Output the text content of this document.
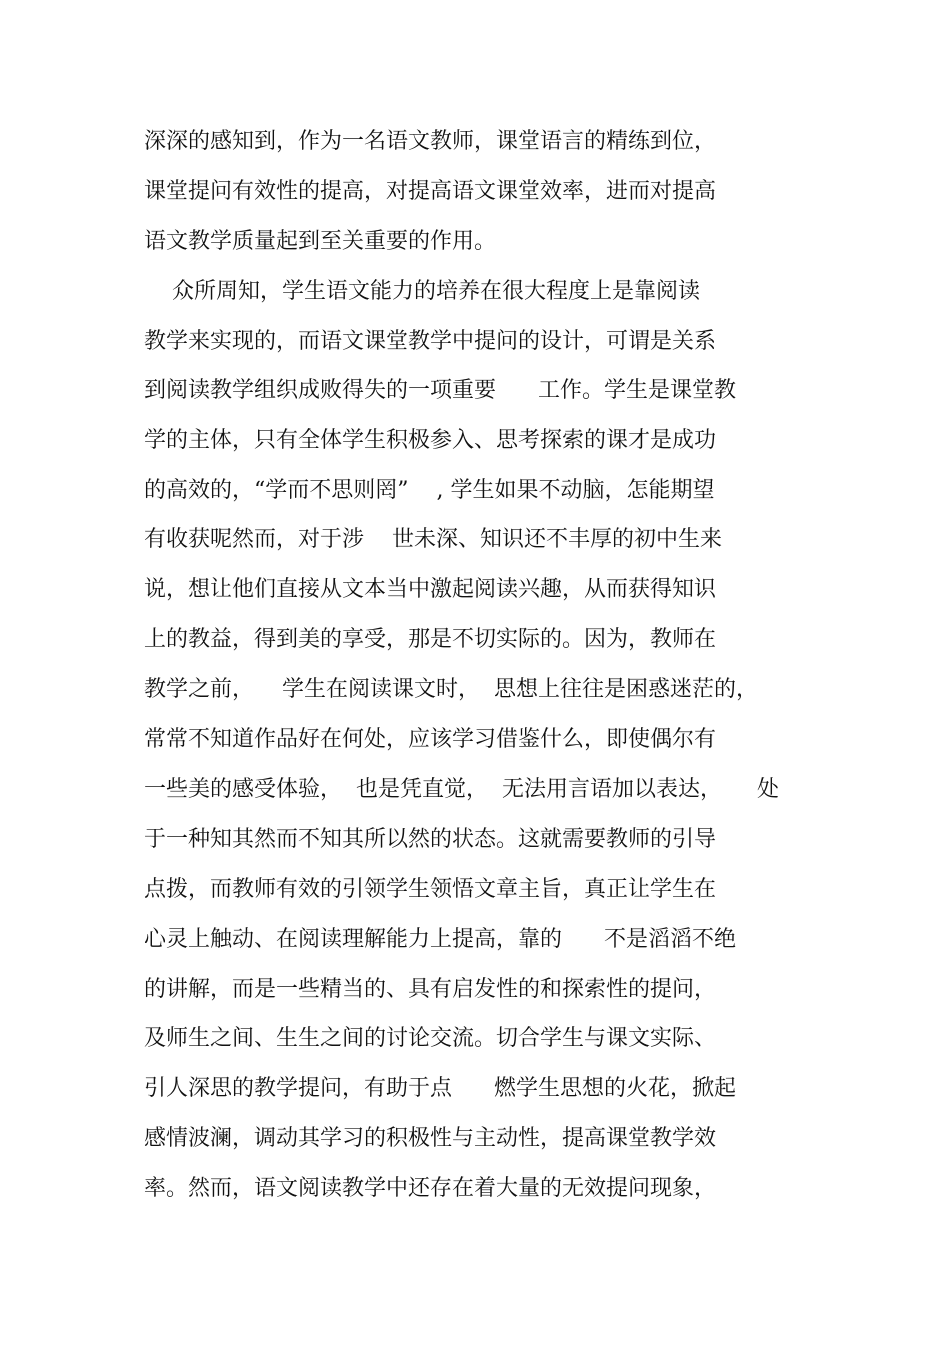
深深的感知到，作为一名语文教师，课堂语言的精练到位，
课堂提问有效性的提高，对提高语文课堂效率，进而对提高
语文教学质量起到至关重要的作用。
众所周知，学生语文能力的培养在很大程度上是靠阅读
教学来实现的，而语文课堂教学中提问的设计，可谓是关系
到阅读教学组织成败得失的一项重要      工作。学生是课堂教
学的主体，只有全体学生积极参入、思考探索的课才是成功
的高效的，“学而不思则罔”    , 学生如果不动脑，怎能期望
有收获呢然而，对于涉    世未深、知识还不丰厚的初中生来
说，想让他们直接从文本当中激起阅读兴趣，从而获得知识
上的教益，得到美的享受，那是不切实际的。因为，教师在
教学之前，    学生在阅读课文时，  思想上往往是困惑迷茫的，
常常不知道作品好在何处，应该学习借鉴什么，即使偶尔有
一些美的感受体验，  也是凭直觉，  无法用言语加以表达，     处
于一种知其然而不知其所以然的状态。这就需要教师的引导
点拨，而教师有效的引领学生领悟文章主旨，真正让学生在
心灵上触动、在阅读理解能力上提高，靠的      不是滔滔不绝
的讲解，而是一些精当的、具有启发性的和探索性的提问，
及师生之间、生生之间的讨论交流。切合学生与课文实际、
引人深思的教学提问，有助于点      燃学生思想的火花，掀起
感情波澜，调动其学习的积极性与主动性，提高课堂教学效
率。然而，语文阅读教学中还存在着大量的无效提问现象，
